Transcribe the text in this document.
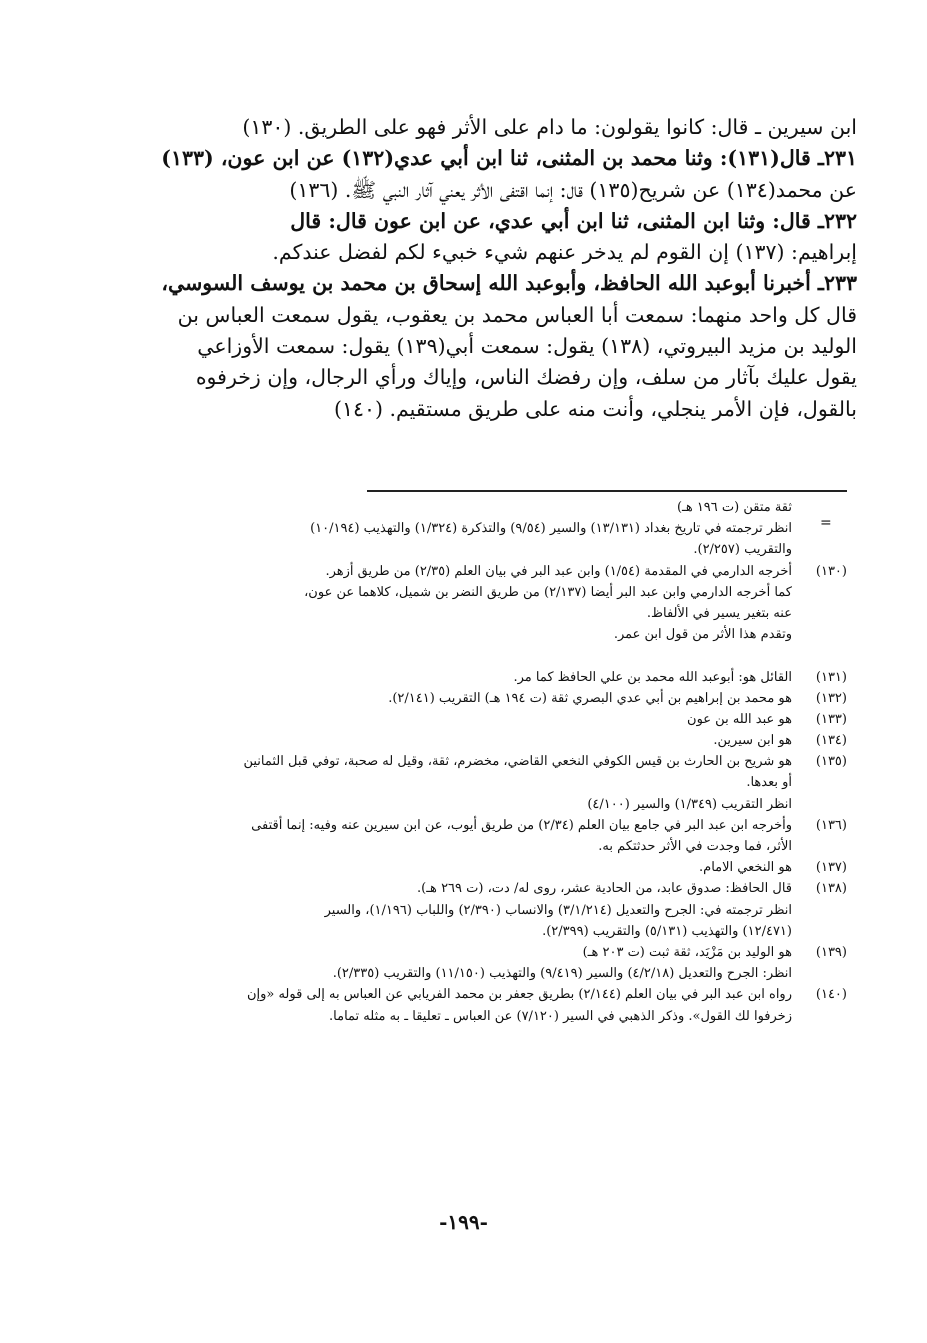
ابن سيرين ـ قال: كانوا يقولون: ما دام على الأثر فهو على الطريق. (١٣٠)
٢٣١ـ قال(١٣١): وثنا محمد بن المثنى، ثنا ابن أبي عدي(١٣٢) عن ابن عون، (١٣٣)
عن محمد(١٣٤) عن شريح(١٣٥) قال: إنما اقتفى الأثر يعني آثار النبي ﷺ. (١٣٦)
٢٣٢ـ قال: وثنا ابن المثنى، ثنا ابن أبي عدي، عن ابن عون قال: قال
إبراهيم: (١٣٧) إن القوم لم يدخر عنهم شيء خبيء لكم لفضل عندكم.
٢٣٣ـ أخبرنا أبوعبد الله الحافظ، وأبوعبد الله إسحاق بن محمد بن يوسف السوسي،
قال كل واحد منهما: سمعت أبا العباس محمد بن يعقوب، يقول سمعت العباس بن
الوليد بن مزيد البيروتي، (١٣٨) يقول: سمعت أبي(١٣٩) يقول: سمعت الأوزاعي
يقول عليك بآثار من سلف، وإن رفضك الناس، وإياك ورأي الرجال، وإن زخرفوه
بالقول، فإن الأمر ينجلي، وأنت منه على طريق مستقيم. (١٤٠)
=
ثقة متقن (ت ١٩٦ هـ)
انظر ترجمته في تاريخ بغداد (١٣/١٣١) والسير (٩/٥٤) والتذكرة (١/٣٢٤) والتهذيب (١٠/١٩٤)
والتقريب (٢/٢٥٧).
(١٣٠)أخرجه الدارمي في المقدمة (١/٥٤) وابن عبد البر في بيان العلم (٢/٣٥) من طريق أزهر.
كما أخرجه الدارمي وابن عبد البر أيضا (٢/١٣٧) من طريق النضر بن شميل، كلاهما عن عون،
عنه بتغير يسير في الألفاظ.
وتقدم هذا الأثر من قول ابن عمر.
(١٣١)القائل هو: أبوعبد الله محمد بن علي الحافظ كما مر.
(١٣٢)هو محمد بن إبراهيم بن أبي عدي البصري ثقة (ت ١٩٤ هـ) التقريب (٢/١٤١).
(١٣٣)هو عبد الله بن عون
(١٣٤)هو ابن سيرين.
(١٣٥)هو شريح بن الحارث بن قيس الكوفي النخعي القاضي، مخضرم، ثقة، وقيل له صحبة، توفي قبل الثمانين
أو بعدها.
انظر التقريب (١/٣٤٩) والسير (٤/١٠٠)
(١٣٦)وأخرجه ابن عبد البر في جامع بيان العلم (٢/٣٤) من طريق أيوب، عن ابن سيرين عنه وفيه: إنما أقتفى
الأثر، فما وجدت في الأثر حدثتكم به.
(١٣٧)هو النخعي الامام.
(١٣٨)قال الحافظ: صدوق عابد، من الحادية عشر، روى له/ دت، (ت ٢٦٩ هـ).
انظر ترجمته في: الجرح والتعديل (٣/١/٢١٤) والانساب (٢/٣٩٠) واللباب (١/١٩٦)، والسير
(١٢/٤٧١) والتهذيب (٥/١٣١) والتقريب (٢/٣٩٩).
(١٣٩)هو الوليد بن مَزْيَد، ثقة ثبت (ت ٢٠٣ هـ)
انظر: الجرح والتعديل (٤/٢/١٨) والسير (٩/٤١٩) والتهذيب (١١/١٥٠) والتقريب (٢/٣٣٥).
(١٤٠)رواه ابن عبد البر في بيان العلم (٢/١٤٤) بطريق جعفر بن محمد الفريابي عن العباس به إلى قوله «وإن
زخرفوا لك القول». وذكر الذهبي في السير (٧/١٢٠) عن العباس ـ تعليقا ـ به مثله تماما.
-١٩٩-
